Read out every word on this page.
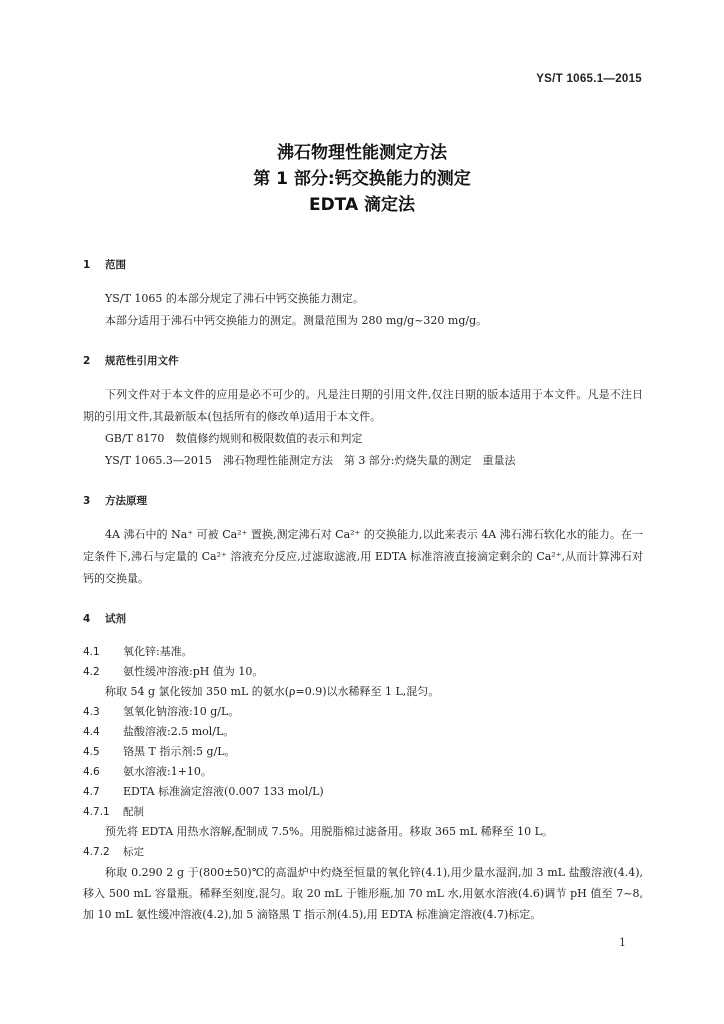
YS/T 1065.1—2015
沸石物理性能测定方法
第 1 部分:钙交换能力的测定
EDTA 滴定法
1	范围
YS/T 1065 的本部分规定了沸石中钙交换能力测定。
本部分适用于沸石中钙交换能力的测定。测量范围为 280 mg/g~320 mg/g。
2	规范性引用文件
下列文件对于本文件的应用是必不可少的。凡是注日期的引用文件,仅注日期的版本适用于本文件。凡是不注日期的引用文件,其最新版本(包括所有的修改单)适用于本文件。
GB/T 8170　数值修约规则和极限数值的表示和判定
YS/T 1065.3—2015　沸石物理性能测定方法　第 3 部分:灼烧失量的测定　重量法
3	方法原理
4A 沸石中的 Na⁺ 可被 Ca²⁺ 置换,测定沸石对 Ca²⁺ 的交换能力,以此来表示 4A 沸石沸石软化水的能力。在一定条件下,沸石与定量的 Ca²⁺ 溶液充分反应,过滤取滤液,用 EDTA 标准溶液直接滴定剩余的 Ca²⁺,从而计算沸石对钙的交换量。
4	试剂
4.1	氧化锌:基准。
4.2	氨性缓冲溶液:pH 值为 10。
称取 54 g 氯化铵加 350 mL 的氨水(ρ=0.9)以水稀释至 1 L,混匀。
4.3	氢氧化钠溶液:10 g/L。
4.4	盐酸溶液:2.5 mol/L。
4.5	铬黑 T 指示剂:5 g/L。
4.6	氨水溶液:1+10。
4.7	EDTA 标准滴定溶液(0.007 133 mol/L)
4.7.1	配制
预先将 EDTA 用热水溶解,配制成 7.5%。用脱脂棉过滤备用。移取 365 mL 稀释至 10 L。
4.7.2	标定
称取 0.290 2 g 于(800±50)℃的高温炉中灼烧至恒量的氧化锌(4.1),用少量水湿润,加 3 mL 盐酸溶液(4.4),移入 500 mL 容量瓶。稀释至刻度,混匀。取 20 mL 于锥形瓶,加 70 mL 水,用氨水溶液(4.6)调节 pH 值至 7~8,加 10 mL 氨性缓冲溶液(4.2),加 5 滴铬黑 T 指示剂(4.5),用 EDTA 标准滴定溶液(4.7)标定。
1
